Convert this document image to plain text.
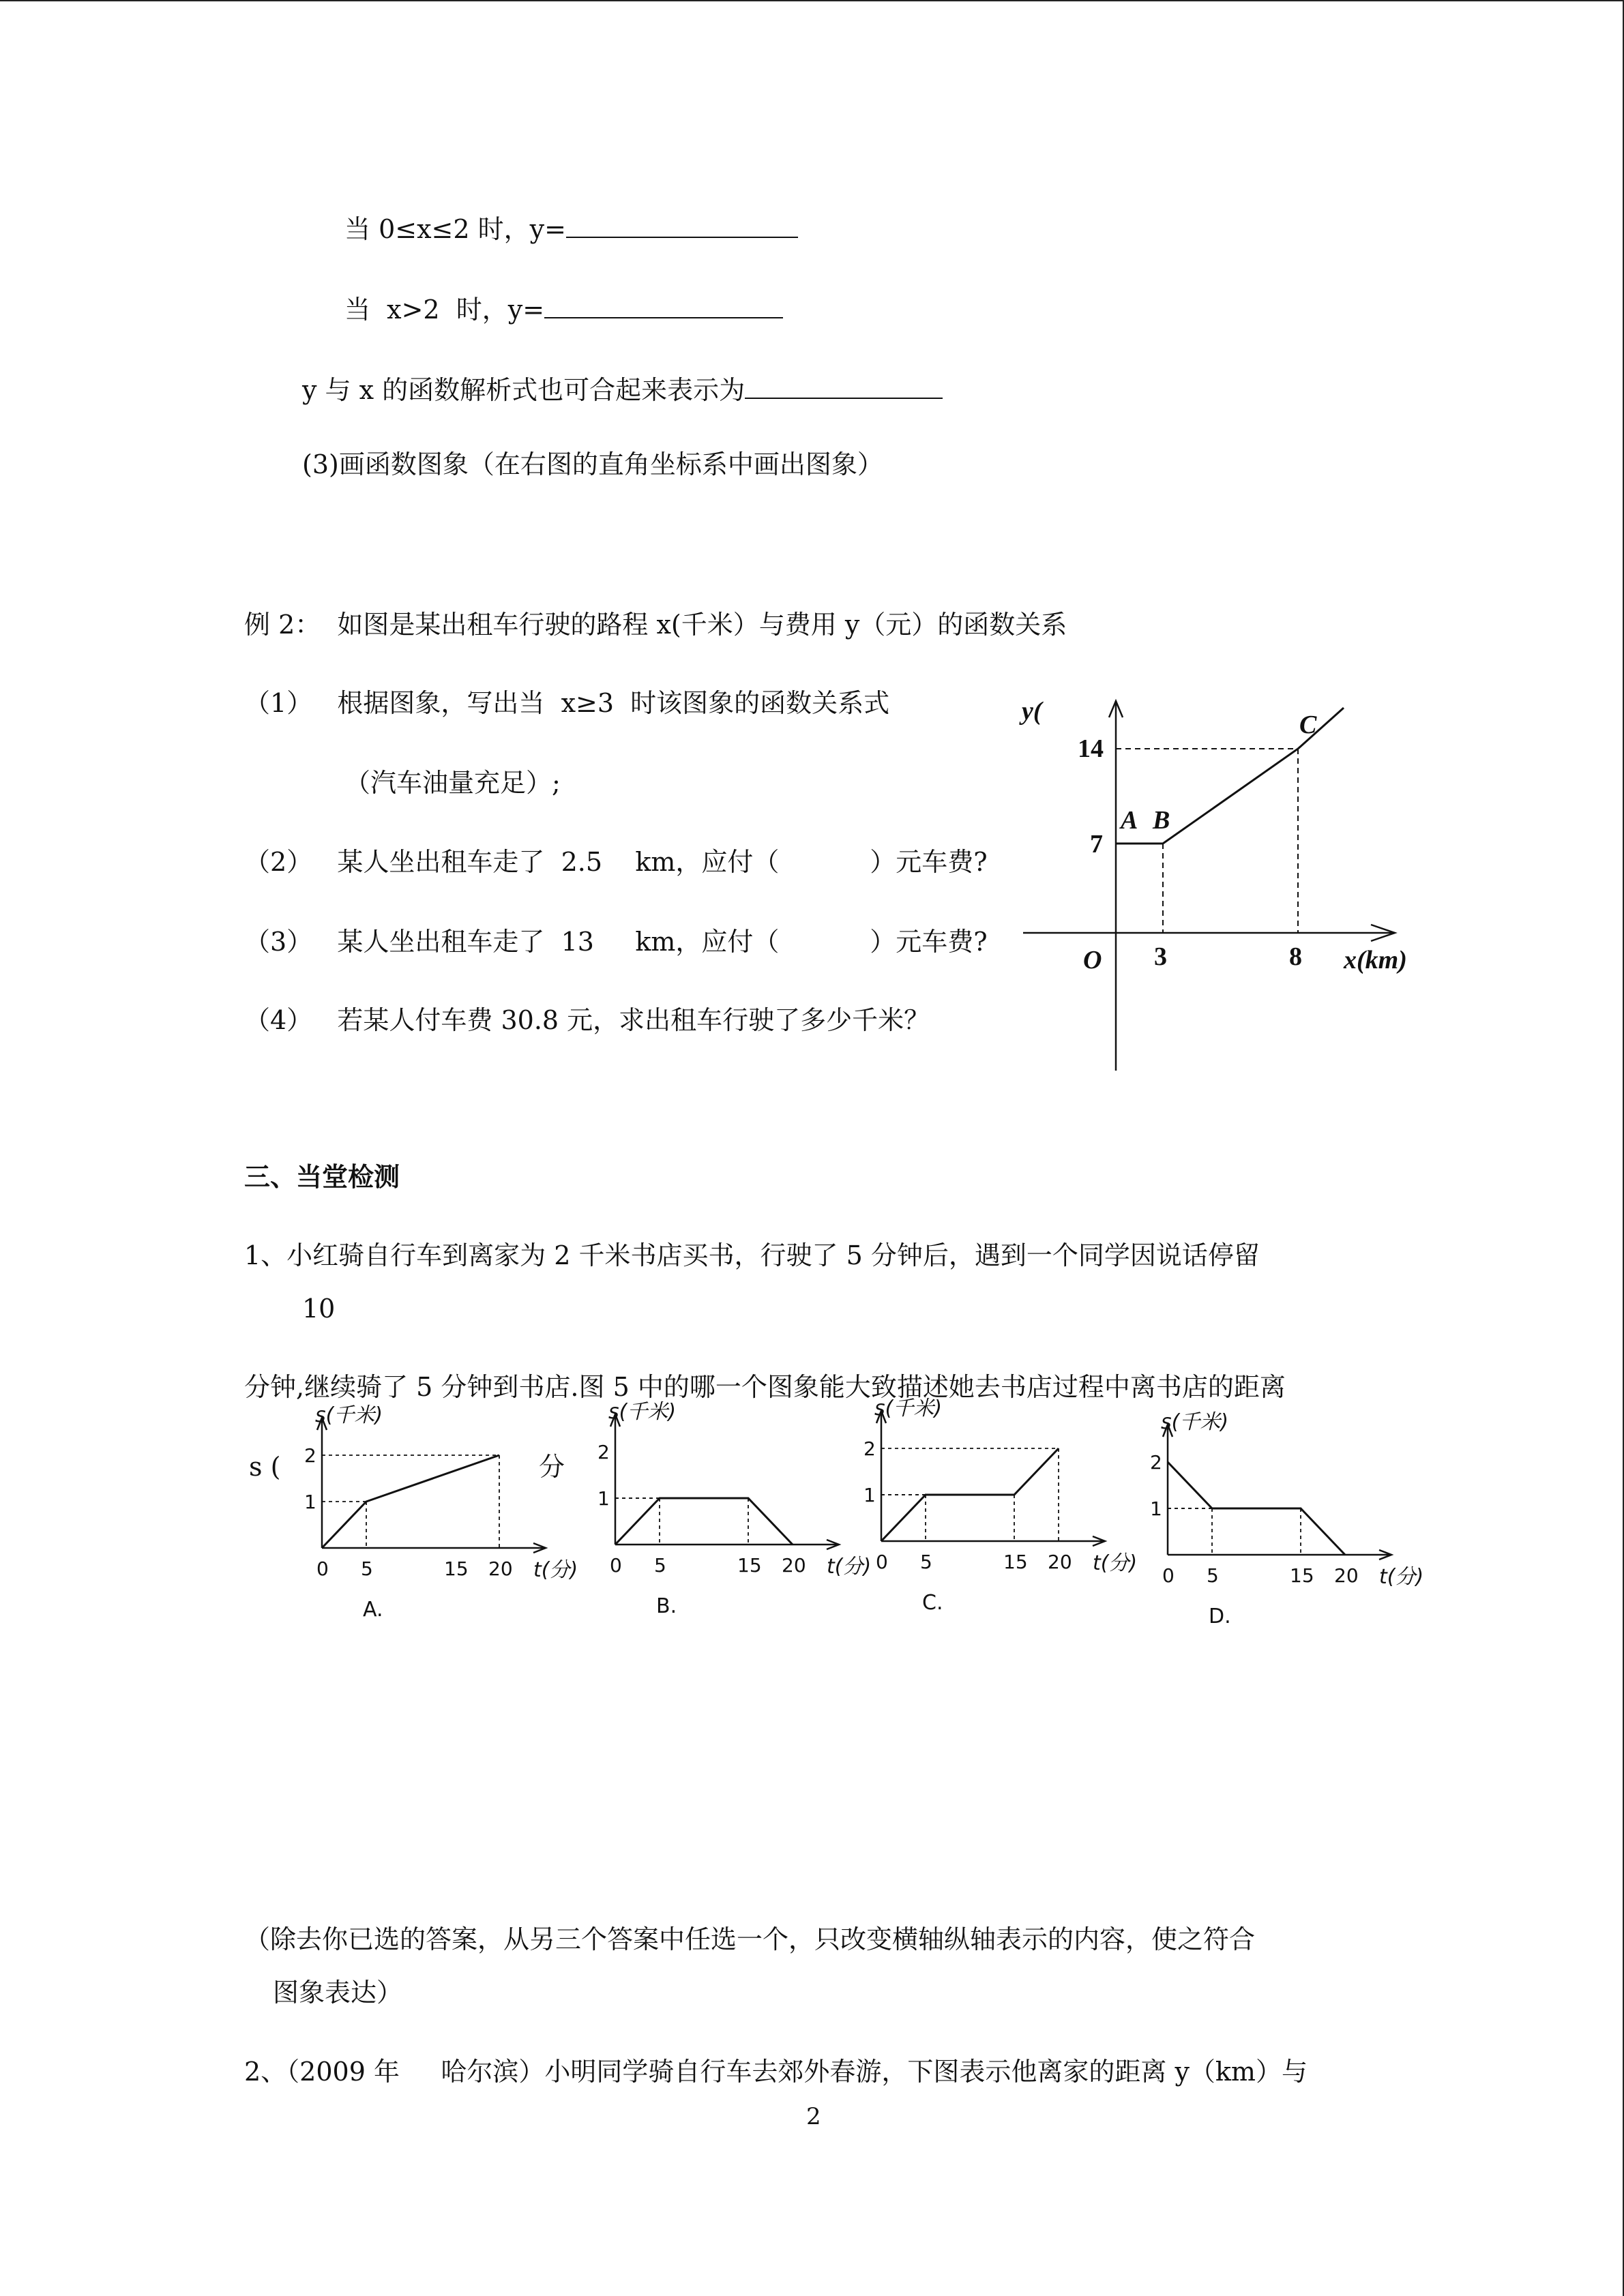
当 0≤x≤2 时，y=
当  x>2  时，y=
y 与 x 的函数解析式也可合起来表示为
(3)画函数图象（在右图的直角坐标系中画出图象）
例 2：  如图是某出租车行驶的路程 x(千米）与费用 y（元）的函数关系
（1）   根据图象，写出当  x≥3  时该图象的函数关系式
（汽车油量充足）;
（2）   某人坐出租车走了  2.5    km，应付（           ）元车费?
（3）   某人坐出租车走了  13     km，应付（           ）元车费?
（4）   若某人付车费 30.8 元，求出租车行驶了多少千米？
y(
14
7
A B
C
O 3	8 x(km)
三、当堂检测
1、小红骑自行车到离家为 2 千米书店买书，行驶了 5 分钟后，遇到一个同学因说话停留
10
分钟,继续骑了 5 分钟到书店.图 5 中的哪一个图象能大致描述她去书店过程中离书店的距离
s (	分
2
1
0 5	15 20
s(千米)
t(分)
A.
2
1
0 5	15 20
s(千米)
t(分)
B.
2
1
0 5	15 20
s(千米)
t(分)
C.
2
1
0 5	15 20
s(千米)
t(分)
D.
（除去你已选的答案，从另三个答案中任选一个，只改变横轴纵轴表示的内容，使之符合
图象表达）
2、（2009 年     哈尔滨）小明同学骑自行车去郊外春游，下图表示他离家的距离 y（km）与
2
